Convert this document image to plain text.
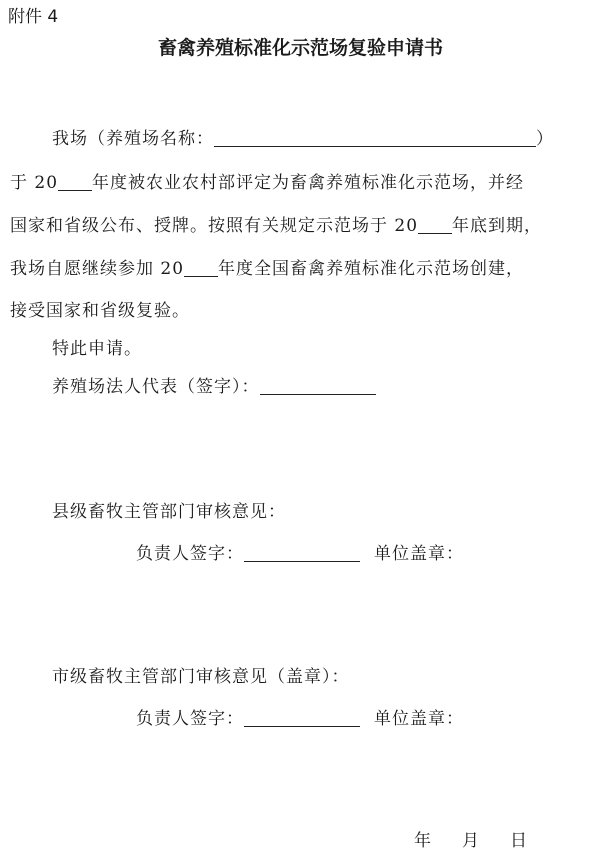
附件 4
畜禽养殖标准化示范场复验申请书
我场（养殖场名称：	）
于 20 年度被农业农村部评定为畜禽养殖标准化示范场，并经
国家和省级公布、授牌。按照有关规定示范场于 20 年底到期，
我场自愿继续参加 20 年度全国畜禽养殖标准化示范场创建，
接受国家和省级复验。
特此申请。
养殖场法人代表（签字）：
县级畜牧主管部门审核意见：
负责人签字：	单位盖章：
市级畜牧主管部门审核意见（盖章）：
负责人签字：	单位盖章：
年 月 日
